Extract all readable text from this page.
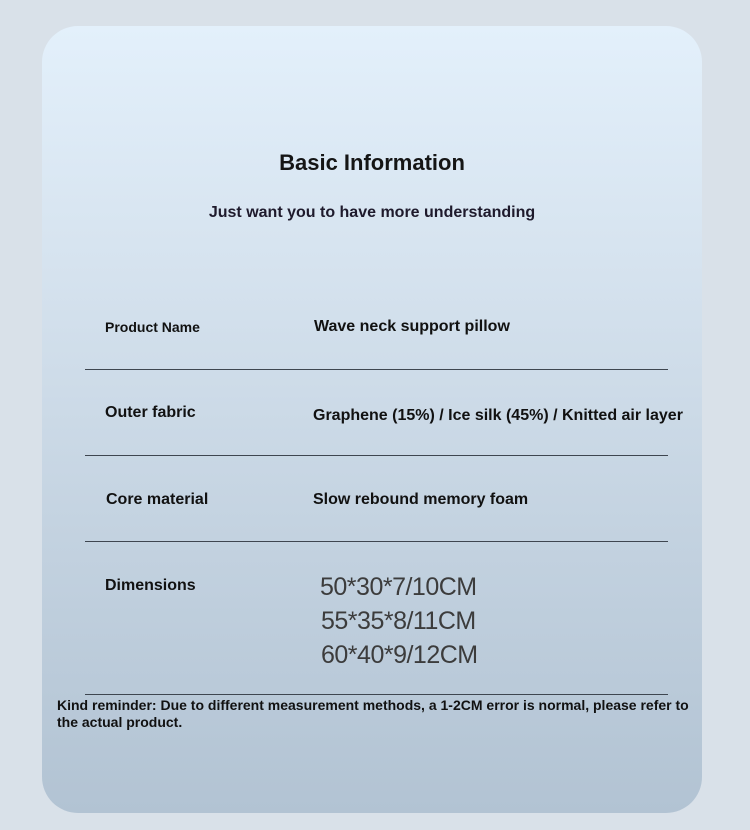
Basic Information
Just want you to have more understanding
Product Name	Wave neck support pillow
Outer fabric	Graphene (15%) / Ice silk (45%) / Knitted air layer
Core material	Slow rebound memory foam
Dimensions	50*30*7/10CM
55*35*8/11CM
60*40*9/12CM
Kind reminder: Due to different measurement methods, a 1-2CM error is normal, please refer to the actual product.
